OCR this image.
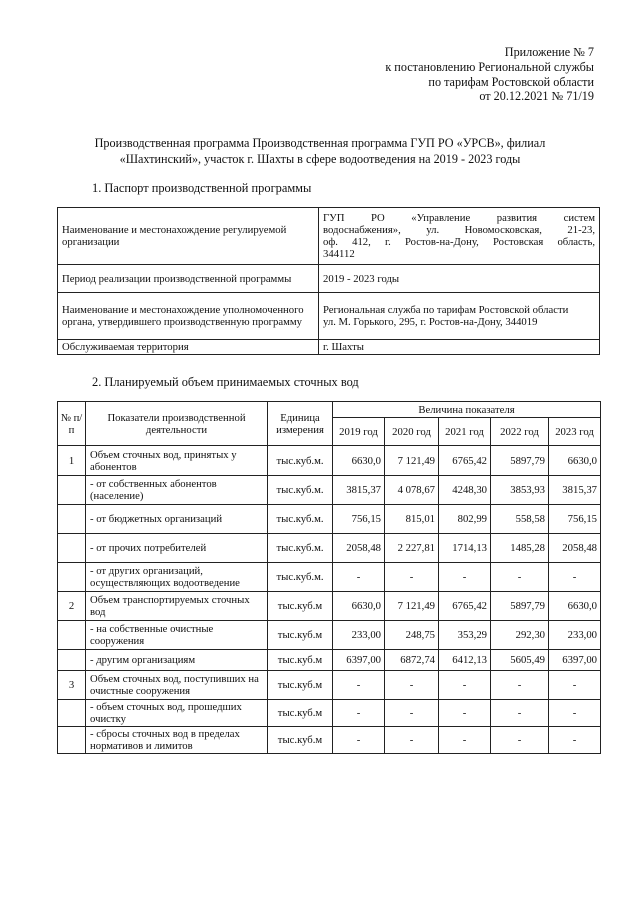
Приложение № 7
к постановлению Региональной службы
по тарифам Ростовской области
от 20.12.2021 № 71/19
Производственная программа Производственная программа ГУП РО «УРСВ», филиал
«Шахтинский», участок г. Шахты в сфере водоотведения на 2019 - 2023 годы
1. Паспорт производственной программы
Наименование и местонахождение регулируемой организации	ГУП РО «Управление развития систем
водоснабжения», ул. Новомосковская, 21-23,
оф. 412, г. Ростов-на-Дону, Ростовская область,
344112

Период реализации производственной программы	2019 - 2023 годы

Наименование и местонахождение уполномоченного органа, утвердившего производственную программу	Региональная служба по тарифам Ростовской области
ул. М. Горького, 295, г. Ростов-на-Дону, 344019

Обслуживаемая территория	г. Шахты
2. Планируемый объем принимаемых сточных вод
№ п/п	Показатели производственной деятельности	Единица измерения	Величина показателя				
			2019 год	2020 год	2021 год	2022 год	2023 год
1	Объем сточных вод, принятых у абонентов	тыс.куб.м.	6630,0	7 121,49	6765,42	5897,79	6630,0
	- от собственных абонентов (население)	тыс.куб.м.	3815,37	4 078,67	4248,30	3853,93	3815,37
	- от бюджетных организаций	тыс.куб.м.	756,15	815,01	802,99	558,58	756,15
	- от прочих потребителей	тыс.куб.м.	2058,48	2 227,81	1714,13	1485,28	2058,48
	- от других организаций, осуществляющих водоотведение	тыс.куб.м.	-	-	-	-	-
2	Объем транспортируемых сточных вод	тыс.куб.м	6630,0	7 121,49	6765,42	5897,79	6630,0
	- на собственные очистные сооружения	тыс.куб.м	233,00	248,75	353,29	292,30	233,00
	- другим организациям	тыс.куб.м	6397,00	6872,74	6412,13	5605,49	6397,00
3	Объем сточных вод, поступивших на очистные сооружения	тыс.куб.м	-	-	-	-	-
	- объем сточных вод, прошедших очистку	тыс.куб.м	-	-	-	-	-
	- сбросы сточных вод в пределах нормативов и лимитов	тыс.куб.м	-	-	-	-	-
